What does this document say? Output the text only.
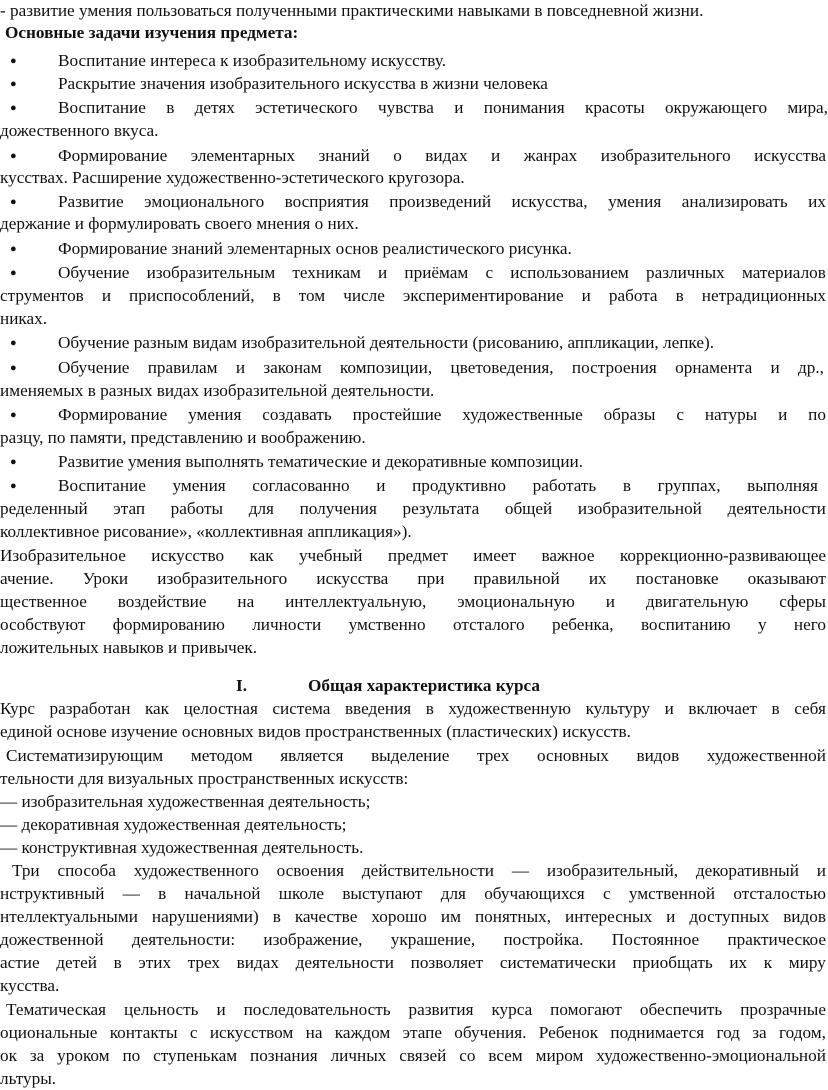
- развитие умения пользоваться полученными практическими навыками в повседневной жизни.
Основные задачи изучения предмета:
● Воспитание интереса к изобразительному искусству.
● Раскрытие значения изобразительного искусства в жизни человека
● Воспитание в детях эстетического чувства и понимания красоты окружающего мира,
дожественного вкуса.
● Формирование элементарных знаний о видах и жанрах изобразительного искусства
кусствах. Расширение художественно-эстетического кругозора.
● Развитие эмоционального восприятия произведений искусства, умения анализировать их
держание и формулировать своего мнения о них.
● Формирование знаний элементарных основ реалистического рисунка.
● Обучение изобразительным техникам и приёмам с использованием различных материалов
струментов и приспособлений, в том числе экспериментирование и работа в нетрадиционных
никах.
● Обучение разным видам изобразительной деятельности (рисованию, аппликации, лепке).
● Обучение правилам и законам композиции, цветоведения, построения орнамента и др.,
именяемых в разных видах изобразительной деятельности.
● Формирование умения создавать простейшие художественные образы с натуры и по
разцу, по памяти, представлению и воображению.
● Развитие умения выполнять тематические и декоративные композиции.
● Воспитание умения согласованно и продуктивно работать в группах, выполняя
ределенный этап работы для получения результата общей изобразительной деятельности
коллективное рисование», «коллективная аппликация»).
Изобразительное искусство как учебный предмет имеет важное коррекционно-развивающее
ачение. Уроки изобразительного искусства при правильной их постановке оказывают
щественное воздействие на интеллектуальную, эмоциональную и двигательную сферы
особствуют формированию личности умственно отсталого ребенка, воспитанию у него
ложительных навыков и привычек.
I.	Общая характеристика курса
Курс разработан как целостная система введения в художественную культуру и включает в себя
единой основе изучение основных видов пространственных (пластических) искусств.
Систематизирующим методом является выделение трех основных видов художественной
тельности для визуальных пространственных искусств:
— изобразительная художественная деятельность;
— декоративная художественная деятельность;
— конструктивная художественная деятельность.
Три способа художественного освоения действительности — изобразительный, декоративный и
нструктивный — в начальной школе выступают для обучающихся с умственной отсталостью
нтеллектуальными нарушениями) в качестве хорошо им понятных, интересных и доступных видов
дожественной деятельности: изображение, украшение, постройка. Постоянное практическое
астие детей в этих трех видах деятельности позволяет систематически приобщать их к миру
кусства.
Тематическая цельность и последовательность развития курса помогают обеспечить прозрачные
оциональные контакты с искусством на каждом этапе обучения. Ребенок поднимается год за годом,
ок за уроком по ступенькам познания личных связей со всем миром художественно-эмоциональной
льтуры.
